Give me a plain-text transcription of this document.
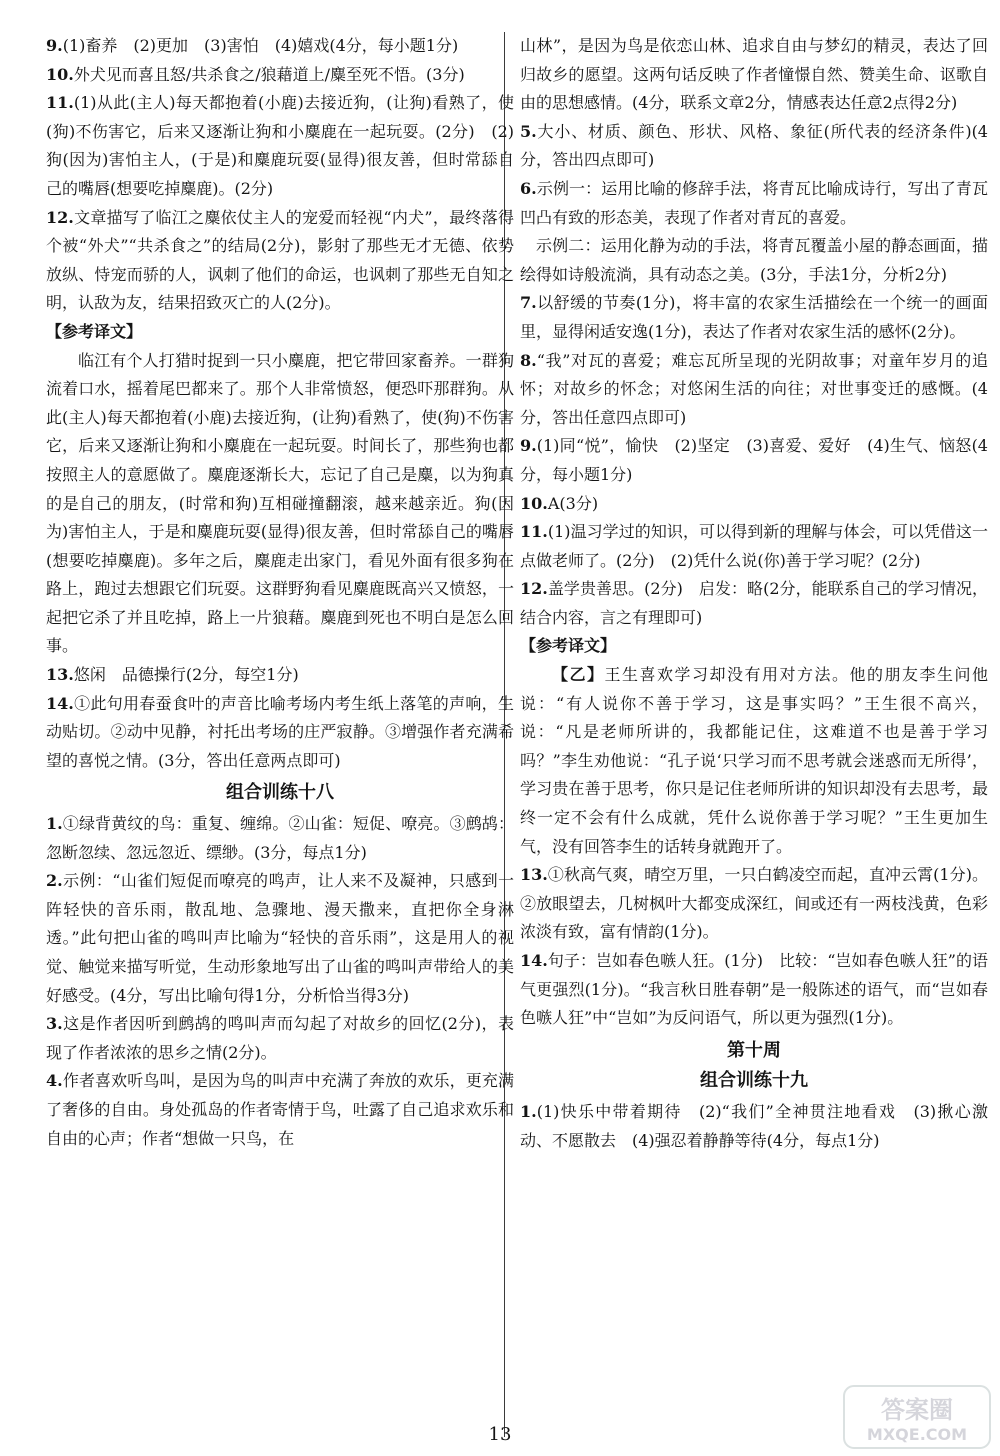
9.(1)畜养　(2)更加　(3)害怕　(4)嬉戏(4分，每小题1分)

10.外犬见而喜且怒/共杀食之/狼藉道上/麋至死不悟。(3分)

11.(1)从此(主人)每天都抱着(小鹿)去接近狗，(让狗)看熟了，使(狗)不伤害它，后来又逐渐让狗和小麋鹿在一起玩耍。(2分)　(2)狗(因为)害怕主人，(于是)和麋鹿玩耍(显得)很友善，但时常舔自己的嘴唇(想要吃掉麋鹿)。(2分)

12.文章描写了临江之麋依仗主人的宠爱而轻视“内犬”，最终落得个被“外犬”“共杀食之”的结局(2分)，影射了那些无才无德、依势放纵、恃宠而骄的人，讽刺了他们的命运，也讽刺了那些无自知之明，认敌为友，结果招致灭亡的人(2分)。

【参考译文】

临江有个人打猎时捉到一只小麋鹿，把它带回家畜养。一群狗流着口水，摇着尾巴都来了。那个人非常愤怒，便恐吓那群狗。从此(主人)每天都抱着(小鹿)去接近狗，(让狗)看熟了，使(狗)不伤害它，后来又逐渐让狗和小麋鹿在一起玩耍。时间长了，那些狗也都按照主人的意愿做了。麋鹿逐渐长大，忘记了自己是麋，以为狗真的是自己的朋友，(时常和狗)互相碰撞翻滚，越来越亲近。狗(因为)害怕主人，于是和麋鹿玩耍(显得)很友善，但时常舔自己的嘴唇(想要吃掉麋鹿)。多年之后，麋鹿走出家门，看见外面有很多狗在路上，跑过去想跟它们玩耍。这群野狗看见麋鹿既高兴又愤怒，一起把它杀了并且吃掉，路上一片狼藉。麋鹿到死也不明白是怎么回事。

13.悠闲　品德操行(2分，每空1分)

14.①此句用春蚕食叶的声音比喻考场内考生纸上落笔的声响，生动贴切。②动中见静，衬托出考场的庄严寂静。③增强作者充满希望的喜悦之情。(3分，答出任意两点即可)

组合训练十八

1.①绿背黄纹的鸟：重复、缠绵。②山雀：短促、嘹亮。③鹧鸪：忽断忽续、忽远忽近、缥缈。(3分，每点1分)

2.示例：“山雀们短促而嘹亮的鸣声，让人来不及凝神，只感到一阵轻快的音乐雨，散乱地、急骤地、漫天撒来，直把你全身淋透。”此句把山雀的鸣叫声比喻为“轻快的音乐雨”，这是用人的视觉、触觉来描写听觉，生动形象地写出了山雀的鸣叫声带给人的美好感受。(4分，写出比喻句得1分，分析恰当得3分)

3.这是作者因听到鹧鸪的鸣叫声而勾起了对故乡的回忆(2分)，表现了作者浓浓的思乡之情(2分)。

4.作者喜欢听鸟叫，是因为鸟的叫声中充满了奔放的欢乐，更充满了奢侈的自由。身处孤岛的作者寄情于鸟，吐露了自己追求欢乐和自由的心声；作者“想做一只鸟，在

山林”，是因为鸟是依恋山林、追求自由与梦幻的精灵，表达了回归故乡的愿望。这两句话反映了作者憧憬自然、赞美生命、讴歌自由的思想感情。(4分，联系文章2分，情感表达任意2点得2分)

5.大小、材质、颜色、形状、风格、象征(所代表的经济条件)(4分，答出四点即可)

6.示例一：运用比喻的修辞手法，将青瓦比喻成诗行，写出了青瓦凹凸有致的形态美，表现了作者对青瓦的喜爱。

示例二：运用化静为动的手法，将青瓦覆盖小屋的静态画面，描绘得如诗般流淌，具有动态之美。(3分，手法1分，分析2分)

7.以舒缓的节奏(1分)，将丰富的农家生活描绘在一个统一的画面里，显得闲适安逸(1分)，表达了作者对农家生活的感怀(2分)。

8.“我”对瓦的喜爱；难忘瓦所呈现的光阴故事；对童年岁月的追怀；对故乡的怀念；对悠闲生活的向往；对世事变迁的感慨。(4分，答出任意四点即可)

9.(1)同“悦”，愉快　(2)坚定　(3)喜爱、爱好　(4)生气、恼怒(4分，每小题1分)

10.A(3分)

11.(1)温习学过的知识，可以得到新的理解与体会，可以凭借这一点做老师了。(2分)　(2)凭什么说(你)善于学习呢？(2分)

12.盖学贵善思。(2分)　启发：略(2分，能联系自己的学习情况，结合内容，言之有理即可)

【参考译文】

【乙】王生喜欢学习却没有用对方法。他的朋友李生问他说：“有人说你不善于学习，这是事实吗？”王生很不高兴，说：“凡是老师所讲的，我都能记住，这难道不也是善于学习吗？”李生劝他说：“孔子说‘只学习而不思考就会迷惑而无所得’，学习贵在善于思考，你只是记住老师所讲的知识却没有去思考，最终一定不会有什么成就，凭什么说你善于学习呢？”王生更加生气，没有回答李生的话转身就跑开了。

13.①秋高气爽，晴空万里，一只白鹤凌空而起，直冲云霄(1分)。②放眼望去，几树枫叶大都变成深红，间或还有一两枝浅黄，色彩浓淡有致，富有情韵(1分)。

14.句子：岂如春色嗾人狂。(1分)　比较：“岂如春色嗾人狂”的语气更强烈(1分)。“我言秋日胜春朝”是一般陈述的语气，而“岂如春色嗾人狂”中“岂如”为反问语气，所以更为强烈(1分)。

第十周

组合训练十九

1.(1)快乐中带着期待　(2)“我们”全神贯注地看戏　(3)揪心激动、不愿散去　(4)强忍着静静等待(4分，每点1分)

13
答案圈
MXQE.COM
